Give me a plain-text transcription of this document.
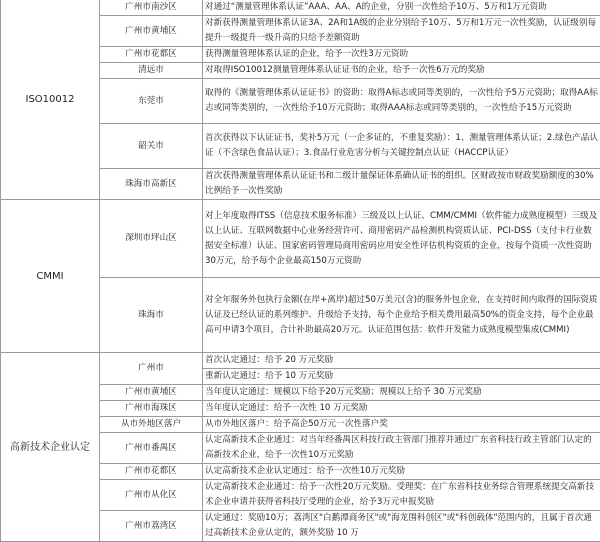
ISO10012	广州市南沙区	对通过“测量管理体系认证”AAA、AA、A的企业，分别一次性给予10万、5万和1万元资助
	广州市黄埔区	对新获得测量管理体系认证3A、2A和1A级的企业分别给予10万、5万和1万元一次性奖励，认证级别每提升一级提升一级升高的只给予差额资助
	广州市花都区	获得测量管理体系认证的企业，给予一次性3万元资助
	清远市	对取得ISO10012测量管理体系认证证书的企业，给予一次性6万元的奖励
	东莞市	取得的《测量管理体系认证证书》的资助：取得A标志或同等类别的，一次性给予5万元资助；取得AA标志或同等类别的，一次性给予10万元资助；取得AAA标志或同等类别的，一次性给予15万元资助
	韶关市	首次获得以下认证证书，奖补5万元（一企多证的，不重复奖励）：1、测量管理体系认证；2.绿色产品认证（不含绿色食品认证）；3.食品行业危害分析与关键控制点认证（HACCP认证）
	珠海市高新区	首次获得测量管理体系认证证书和二级计量保证体系确认证书的组织。区财政按市财政奖励额度的30%比例给予一次性奖励
CMMI	深圳市坪山区	对上年度取得ITSS（信息技术服务标准）三级及以上认证、CMM/CMMI（软件能力成熟度模型）三级及以上认证、互联网数据中心业务经营许可、商用密码产品检测机构资质认证、PCI-DSS（支付卡行业数据安全标准）认证、国家密码管理局商用密码应用安全性评估机构资质的企业，按每个资质一次性资助30万元，给予每个企业最高150万元资助
	珠海市	对全年服务外包执行金额(在岸+离岸)超过50万美元(含)的服务外包企业，在支持时间内取得的国际资质认证及已经认证的系列维护、升级给予支持，每个企业给予相关费用最高50%的资金支持，每个企业最高可申请3个项目，合计补助最高20万元。认证范围包括：软件开发能力成熟度模型集成(CMMI)
高新技术企业认定	广州市	首次认定通过：给予 20 万元奖励
		重新认定通过：给予 10 万元奖励
	广州市黄埔区	当年度认定通过：规模以下给予20万元奖励；规模以上给予 30 万元奖励
	广州市海珠区	当年度认定通过：给予一次性 10 万元奖励
	从市外地区落户	从市外地区落户：给予高企50万元一次性落户奖
	广州市番禺区	认定高新技术企业通过：对当年经番禺区科技行政主管部门推荐并通过广东省科技行政主管部门认定的高新技术企业，给予一次性10万元奖励
	广州市花都区	认定高新技术企业认定通过：给予一次性10万元奖励
	广州市从化区	认定高新技术企业通过：给予一次性20万元奖励。受理奖：在广东省科技业务综合管理系统提交高新技术企业申请并获得省科技厅受理的企业，给予3万元申报奖励
	广州市荔湾区	认定通过：奖励10万；荔湾区"白鹅潭商务区"或"海龙围科创区"或"科创载体"范围内的，且属于首次通过高新技术企业认定的，额外奖励 10 万
